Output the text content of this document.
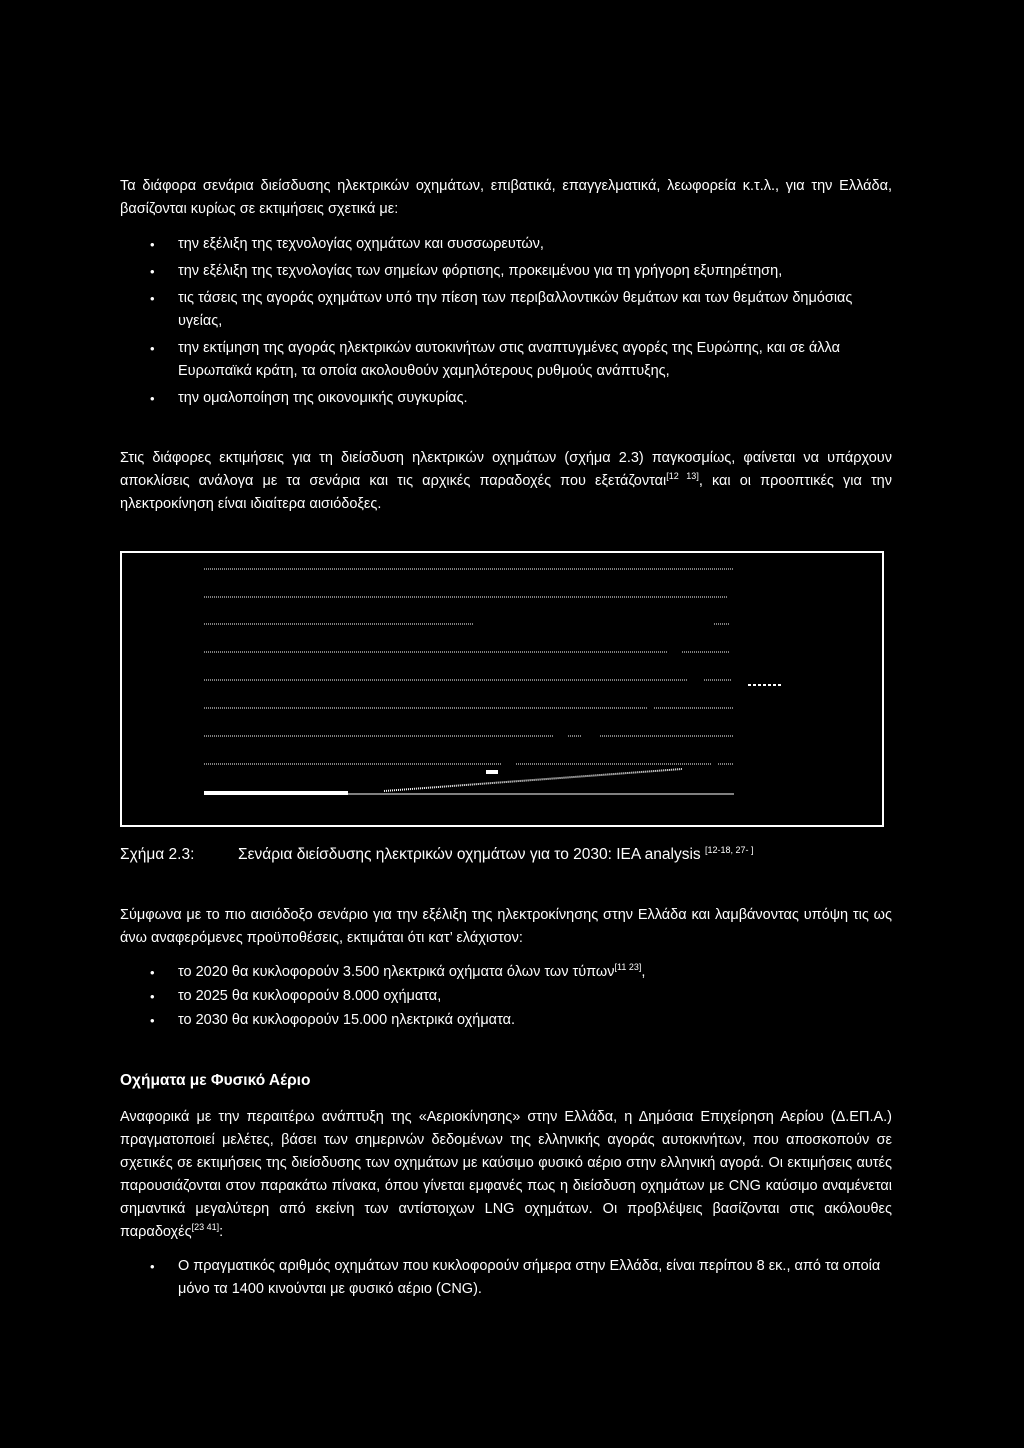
Τα διάφορα σενάρια διείσδυσης ηλεκτρικών οχημάτων, επιβατικά, επαγγελματικά, λεωφορεία κ.τ.λ., για την Ελλάδα, βασίζονται κυρίως σε εκτιμήσεις σχετικά με:
• την εξέλιξη της τεχνολογίας οχημάτων και συσσωρευτών,
• την εξέλιξη της τεχνολογίας των σημείων φόρτισης, προκειμένου για τη γρήγορη εξυπηρέτηση,
• τις τάσεις της αγοράς οχημάτων υπό την πίεση των περιβαλλοντικών θεμάτων και των θεμάτων δημόσιας υγείας,
• την εκτίμηση της αγοράς ηλεκτρικών αυτοκινήτων στις αναπτυγμένες αγορές της Ευρώπης, και σε άλλα Ευρωπαϊκά κράτη, τα οποία ακολουθούν χαμηλότερους ρυθμούς ανάπτυξης,
• την ομαλοποίηση της οικονομικής συγκυρίας.
Στις διάφορες εκτιμήσεις για τη διείσδυση ηλεκτρικών οχημάτων (σχήμα 2.3) παγκοσμίως, φαίνεται να υπάρχουν αποκλίσεις ανάλογα με τα σενάρια και τις αρχικές παραδοχές που εξετάζονται[12 13], και οι προοπτικές για την ηλεκτροκίνηση είναι ιδιαίτερα αισιόδοξες.
Σχήμα 2.3:	Σενάρια διείσδυσης ηλεκτρικών οχημάτων για το 2030: IEA analysis [12-18, 27- ]
Σύμφωνα με το πιο αισιόδοξο σενάριο για την εξέλιξη της ηλεκτροκίνησης στην Ελλάδα και λαμβάνοντας υπόψη τις ως άνω αναφερόμενες προϋποθέσεις, εκτιμάται ότι κατ’ ελάχιστον:
• το 2020 θα κυκλοφορούν 3.500 ηλεκτρικά οχήματα όλων των τύπων[11 23],
• το 2025 θα κυκλοφορούν 8.000 οχήματα,
• το 2030 θα κυκλοφορούν 15.000 ηλεκτρικά οχήματα.
Οχήματα με Φυσικό Αέριο
Αναφορικά με την περαιτέρω ανάπτυξη της «Αεριοκίνησης» στην Ελλάδα, η Δημόσια Επιχείρηση Αερίου (Δ.ΕΠ.Α.) πραγματοποιεί μελέτες, βάσει των σημερινών δεδομένων της ελληνικής αγοράς αυτοκινήτων, που αποσκοπούν σε σχετικές σε εκτιμήσεις της διείσδυσης των οχημάτων με καύσιμο φυσικό αέριο στην ελληνική αγορά. Οι εκτιμήσεις αυτές παρουσιάζονται στον παρακάτω πίνακα, όπου γίνεται εμφανές πως η διείσδυση οχημάτων με CNG καύσιμο αναμένεται σημαντικά μεγαλύτερη από εκείνη των αντίστοιχων LNG οχημάτων. Οι προβλέψεις βασίζονται στις ακόλουθες παραδοχές[23 41]:
• Ο πραγματικός αριθμός οχημάτων που κυκλοφορούν σήμερα στην Ελλάδα, είναι περίπου 8 εκ., από τα οποία μόνο τα 1400 κινούνται με φυσικό αέριο (CNG).
